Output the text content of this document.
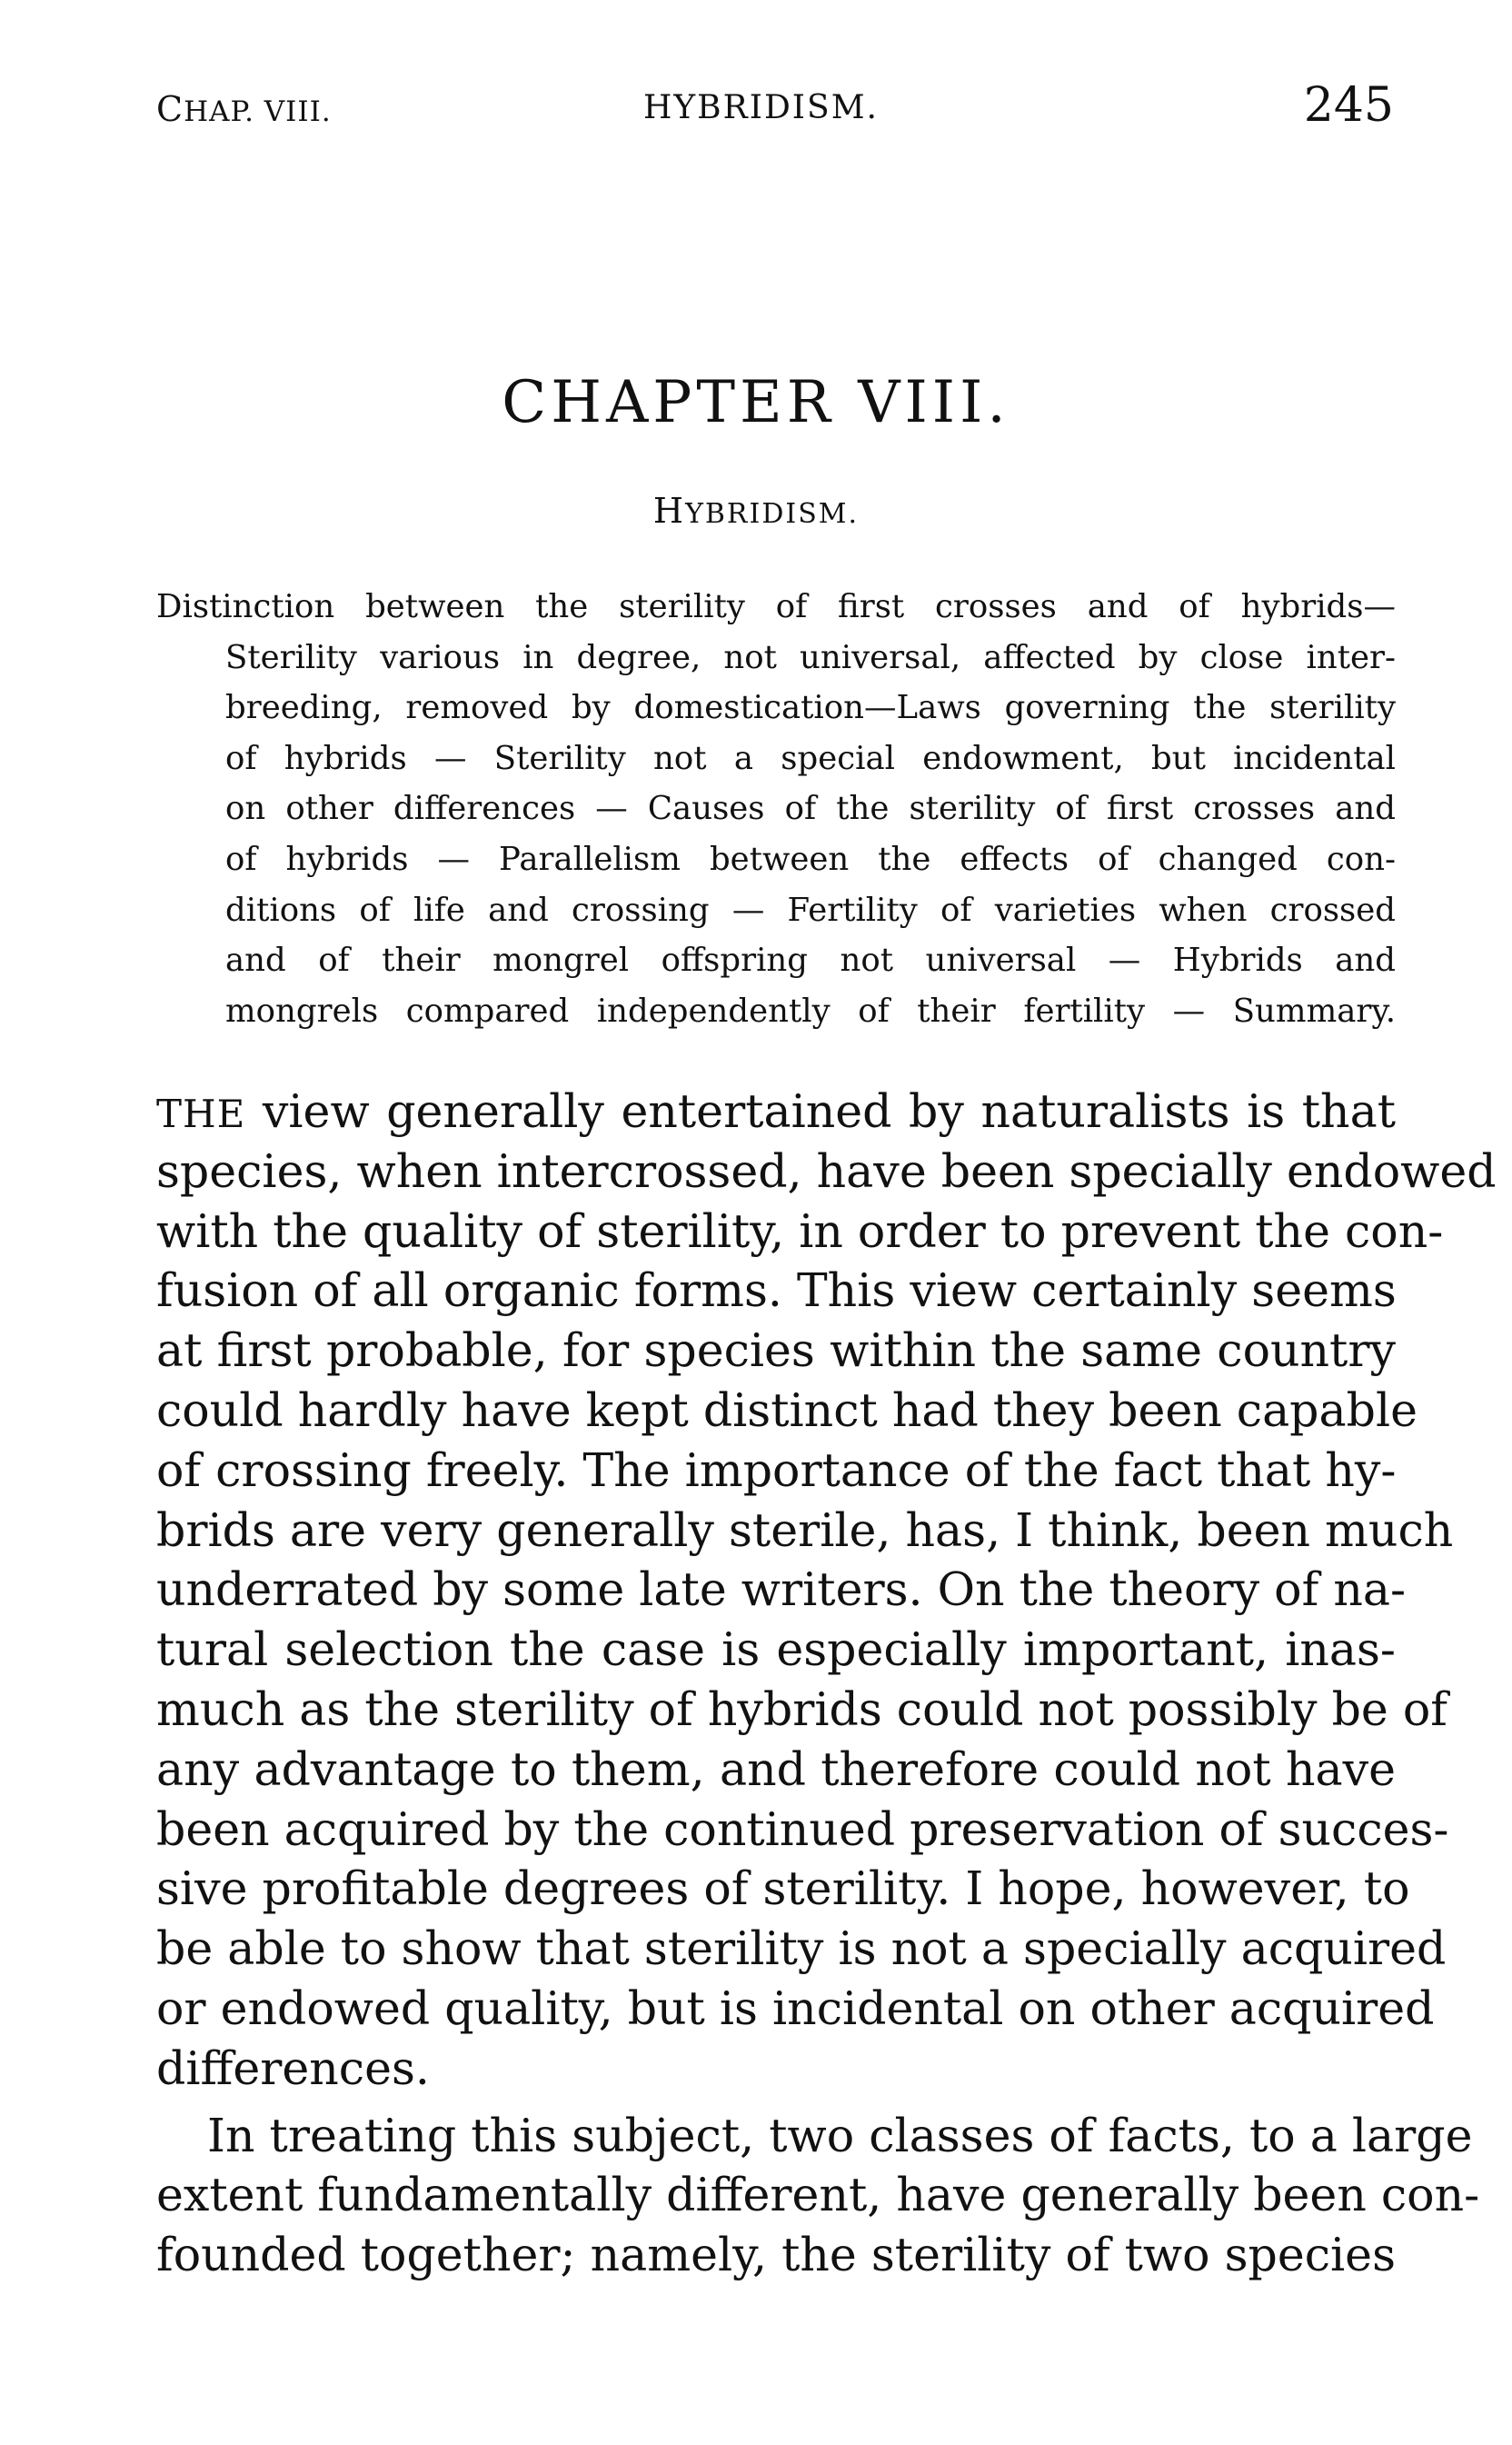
CHAP. VIII.	HYBRIDISM.	245
CHAPTER VIII.
HYBRIDISM.
Distinction between the sterility of first crosses and of hybrids—
Sterility various in degree, not universal, affected by close inter-
breeding, removed by domestication—Laws governing the sterility
of hybrids — Sterility not a special endowment, but incidental
on other differences — Causes of the sterility of first crosses and
of hybrids — Parallelism between the effects of changed con-
ditions of life and crossing — Fertility of varieties when crossed
and of their mongrel offspring not universal — Hybrids and
mongrels compared independently of their fertility — Summary.
THE view generally entertained by naturalists is that
species, when intercrossed, have been specially endowed
with the quality of sterility, in order to prevent the con-
fusion of all organic forms. This view certainly seems
at first probable, for species within the same country
could hardly have kept distinct had they been capable
of crossing freely. The importance of the fact that hy-
brids are very generally sterile, has, I think, been much
underrated by some late writers. On the theory of na-
tural selection the case is especially important, inas-
much as the sterility of hybrids could not possibly be of
any advantage to them, and therefore could not have
been acquired by the continued preservation of succes-
sive profitable degrees of sterility. I hope, however, to
be able to show that sterility is not a specially acquired
or endowed quality, but is incidental on other acquired
differences.
In treating this subject, two classes of facts, to a large
extent fundamentally different, have generally been con-
founded together; namely, the sterility of two species
